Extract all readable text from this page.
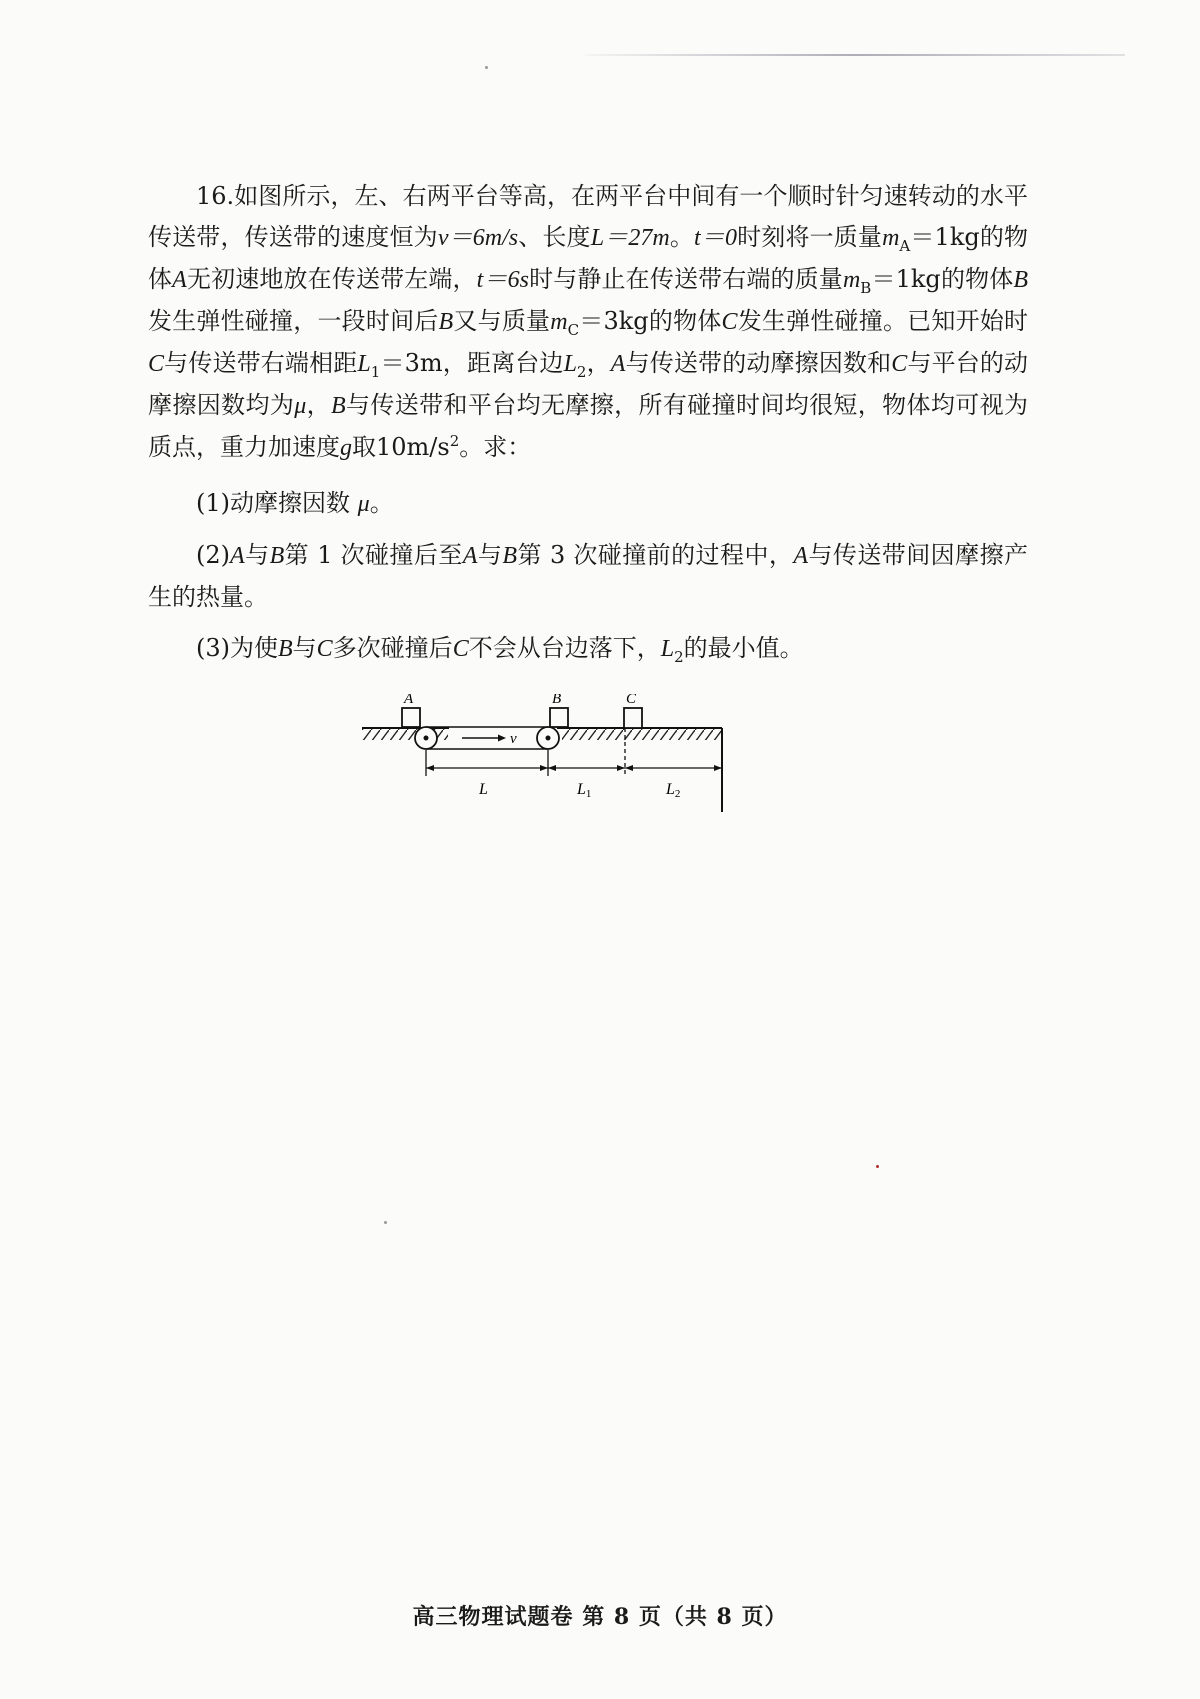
16.如图所示，左、右两平台等高，在两平台中间有一个顺时针匀速转动的水平传送带，传送带的速度恒为v＝6m/s、长度L＝27m。t＝0时刻将一质量$m_A=1kg$的物体A无初速地放在传送带左端，t＝6s时与静止在传送带右端的质量$m_B=1kg$的物体B发生弹性碰撞，一段时间后B又与质量$m_C=3kg$的物体C发生弹性碰撞。已知开始时C与传送带右端相距$L_1=3m$，距离台边$L_2$，A与传送带的动摩擦因数和C与平台的动摩擦因数均为μ，B与传送带和平台均无摩擦，所有碰撞时间均很短，物体均可视为质点，重力加速度g取$10m/s^2$。求：

(1)动摩擦因数 μ。

(2)A与B第 1 次碰撞后至A与B第 3 次碰撞前的过程中，A与传送带间因摩擦产生的热量。

(3)为使B与C多次碰撞后C不会从台边落下，$L_2$的最小值。

v
A	B	C
L	L1	L2
高三物理试题卷 第 8 页（共 8 页）
